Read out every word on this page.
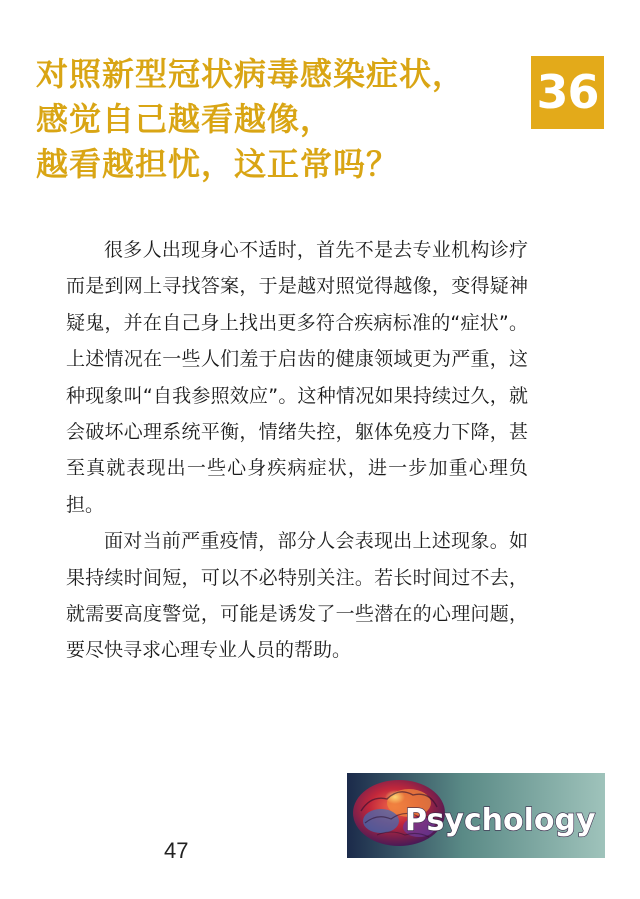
对照新型冠状病毒感染症状，
感觉自己越看越像，
越看越担忧，这正常吗？
36

很多人出现身心不适时，首先不是去专业机构诊疗而是到网上寻找答案，于是越对照觉得越像，变得疑神疑鬼，并在自己身上找出更多符合疾病标准的“症状”。上述情况在一些人们羞于启齿的健康领域更为严重，这种现象叫“自我参照效应”。这种情况如果持续过久，就会破坏心理系统平衡，情绪失控，躯体免疫力下降，甚至真就表现出一些心身疾病症状，进一步加重心理负担。

面对当前严重疫情，部分人会表现出上述现象。如果持续时间短，可以不必特别关注。若长时间过不去，就需要高度警觉，可能是诱发了一些潜在的心理问题，要尽快寻求心理专业人员的帮助。

Psychology
47
